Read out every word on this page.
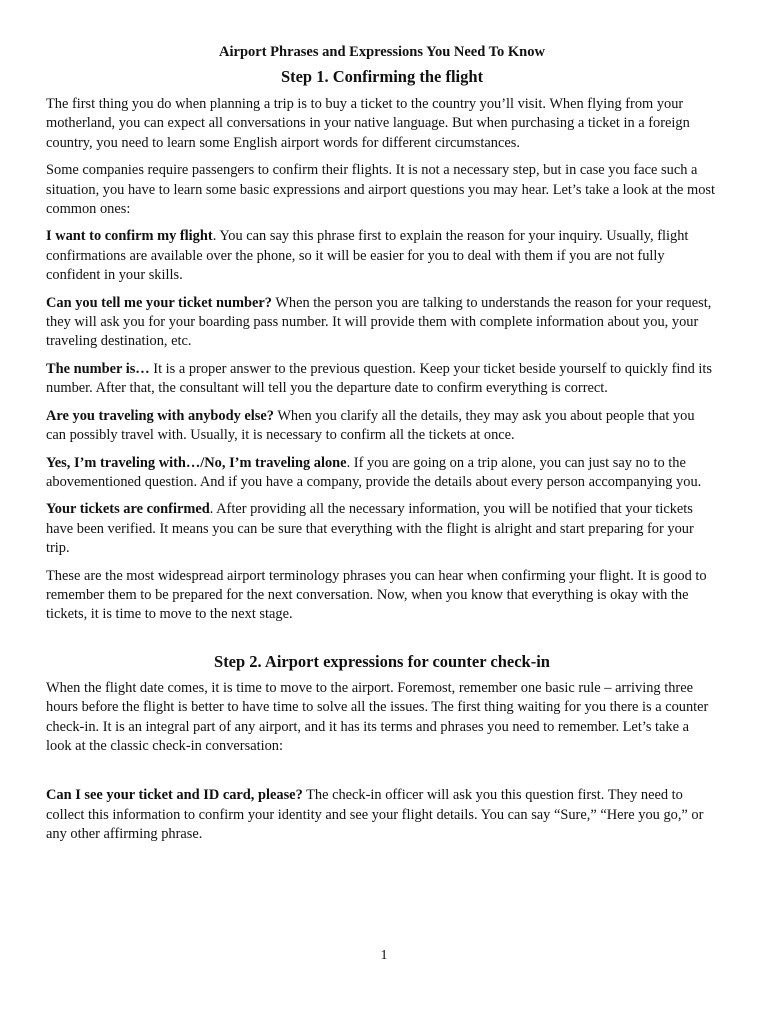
Airport Phrases and Expressions You Need To Know
Step 1. Confirming the flight

The first thing you do when planning a trip is to buy a ticket to the country you’ll visit. When flying from your motherland, you can expect all conversations in your native language. But when purchasing a ticket in a foreign country, you need to learn some English airport words for different circumstances.

Some companies require passengers to confirm their flights. It is not a necessary step, but in case you face such a situation, you have to learn some basic expressions and airport questions you may hear. Let’s take a look at the most common ones:

I want to confirm my flight. You can say this phrase first to explain the reason for your inquiry. Usually, flight confirmations are available over the phone, so it will be easier for you to deal with them if you are not fully confident in your skills.

Can you tell me your ticket number? When the person you are talking to understands the reason for your request, they will ask you for your boarding pass number. It will provide them with complete information about you, your traveling destination, etc.

The number is… It is a proper answer to the previous question. Keep your ticket beside yourself to quickly find its number. After that, the consultant will tell you the departure date to confirm everything is correct.

Are you traveling with anybody else? When you clarify all the details, they may ask you about people that you can possibly travel with. Usually, it is necessary to confirm all the tickets at once.

Yes, I’m traveling with…/No, I’m traveling alone. If you are going on a trip alone, you can just say no to the abovementioned question. And if you have a company, provide the details about every person accompanying you.

Your tickets are confirmed. After providing all the necessary information, you will be notified that your tickets have been verified. It means you can be sure that everything with the flight is alright and start preparing for your trip.

These are the most widespread airport terminology phrases you can hear when confirming your flight. It is good to remember them to be prepared for the next conversation. Now, when you know that everything is okay with the tickets, it is time to move to the next stage.

Step 2. Airport expressions for counter check-in

When the flight date comes, it is time to move to the airport. Foremost, remember one basic rule – arriving three hours before the flight is better to have time to solve all the issues. The first thing waiting for you there is a counter check-in. It is an integral part of any airport, and it has its terms and phrases you need to remember. Let’s take a look at the classic check-in conversation:

Can I see your ticket and ID card, please? The check-in officer will ask you this question first. They need to collect this information to confirm your identity and see your flight details. You can say “Sure,” “Here you go,” or any other affirming phrase.

1
